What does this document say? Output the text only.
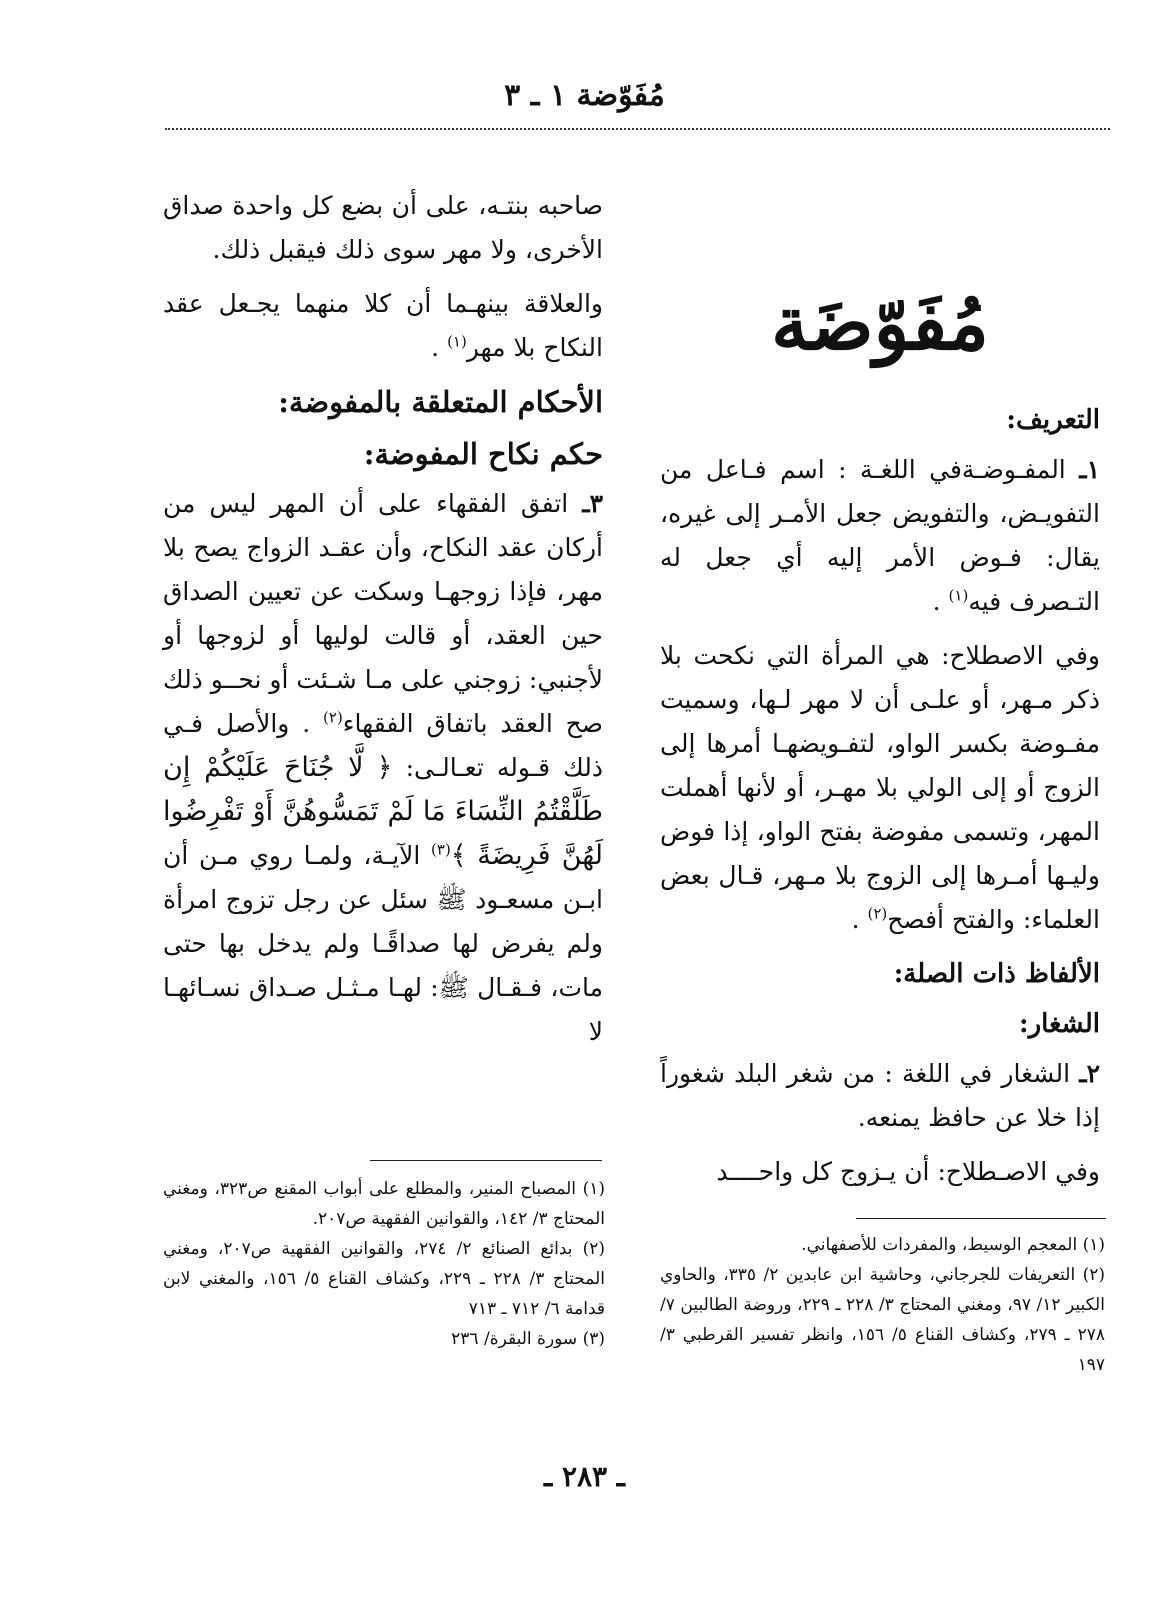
مُفَوّضة ١ ـ ٣
مُفَوّضَة
التعريف:

١ـ المفـوضـةفي اللغـة : اسم فـاعل من التفويـض، والتفويض جعل الأمـر إلى غيره، يقال: فـوض الأمر إليه أي جعل له التـصرف فيه$^{(١)}$ .

وفي الاصطلاح: هي المرأة التي نكحت بلا ذكر مـهر، أو علـى أن لا مهر لـها، وسميت مفـوضة بكسر الواو، لتفـويضهـا أمرها إلى الزوج أو إلى الولي بلا مهـر، أو لأنها أهملت المهر، وتسمى مفوضة بفتح الواو، إذا فوض وليـها أمـرها إلى الزوج بلا مـهر، قـال بعض العلماء: والفتح أفصح$^{(٢)}$ .

الألفاظ ذات الصلة:
الشغار:

٢ـ الشغار في اللغة : من شغر البلد شغوراً إذا خلا عن حافظ يمنعه.

وفي الاصـطلاح: أن يـزوج كل واحــــد

صاحبه بنتـه، على أن بضع كل واحدة صداق الأخرى، ولا مهر سوى ذلك فيقبل ذلك.

والعلاقة بينهـما أن كلا منهما يجـعل عقد النكاح بلا مهر$^{(١)}$ .

الأحكام المتعلقة بالمفوضة:
حكم نكاح المفوضة:

٣ـ اتفق الفقهاء على أن المهر ليس من أركان عقد النكاح، وأن عقـد الزواج يصح بلا مهر، فإذا زوجهـا وسكت عن تعيين الصداق حين العقد، أو قالت لوليها أو لزوجها أو لأجنبي: زوجني على مـا شـئت أو نحــو ذلك صح العقد باتفاق الفقهاء$^{(٢)}$ . والأصل فـي ذلك قـوله تعـالـى: ﴿ لَّا جُنَاحَ عَلَيْكُمْ إِن طَلَّقْتُمُ النِّسَاءَ مَا لَمْ تَمَسُّوهُنَّ أَوْ تَفْرِضُوا لَهُنَّ فَرِيضَةً ﴾$^{(٣)}$ الآيـة، ولمـا روي مـن أن ابـن مسعـود ﷺ سئل عن رجل تزوج امرأة ولم يفرض لها صداقًـا ولم يدخل بها حتى مات، فـقـال ﷺ: لهـا مـثـل صـداق نسـائهـا لا

(١) المصباح المنير، والمطلع على أبواب المقنع ص٣٢٣، ومغني المحتاج ٣/ ١٤٢، والقوانين الفقهية ص٢٠٧.

(٢) بدائع الصنائع ٢/ ٢٧٤، والقوانين الفقهية ص٢٠٧، ومغني المحتاج ٣/ ٢٢٨ ـ ٢٢٩، وكشاف القناع ٥/ ١٥٦، والمغني لابن قدامة ٦/ ٧١٢ ـ ٧١٣

(٣) سورة البقرة/ ٢٣٦

(١) المعجم الوسيط، والمفردات للأصفهاني.

(٢) التعريفات للجرجاني، وحاشية ابن عابدين ٢/ ٣٣٥، والحاوي الكبير ١٢/ ٩٧، ومغني المحتاج ٣/ ٢٢٨ ـ ٢٢٩، وروضة الطالبين ٧/ ٢٧٨ ـ ٢٧٩، وكشاف القناع ٥/ ١٥٦، وانظر تفسير القرطبي ٣/ ١٩٧

ـ ٢٨٣ ـ
